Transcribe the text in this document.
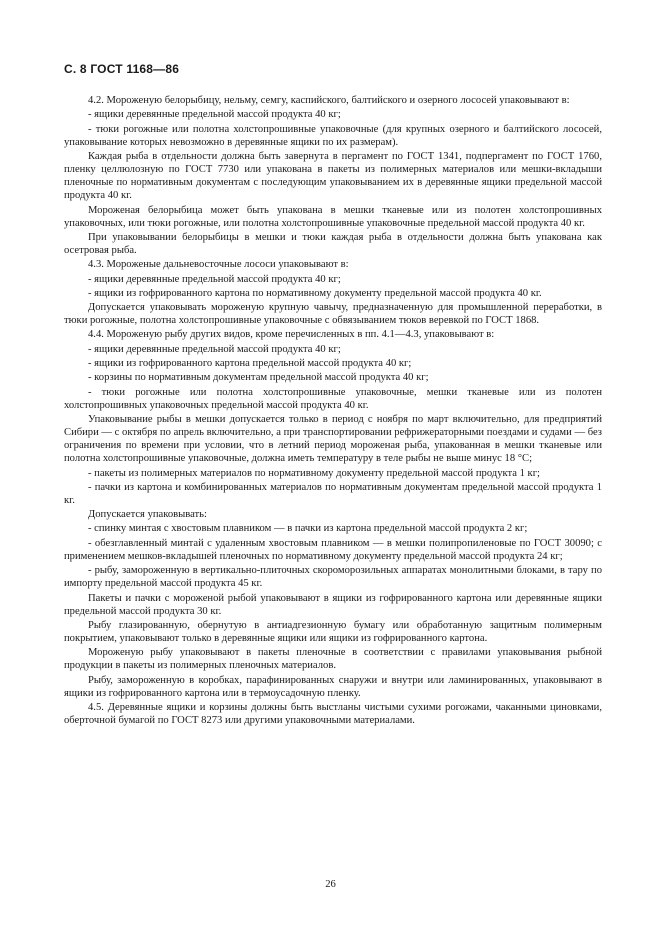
С. 8 ГОСТ 1168—86

4.2. Мороженую белорыбицу, нельму, семгу, каспийского, балтийского и озерного лососей упаковывают в:

- ящики деревянные предельной массой продукта 40 кг;

- тюки рогожные или полотна холстопрошивные упаковочные (для крупных озерного и балтийского лососей, упаковывание которых невозможно в деревянные ящики по их размерам).

Каждая рыба в отдельности должна быть завернута в пергамент по ГОСТ 1341, подпергамент по ГОСТ 1760, пленку целлюлозную по ГОСТ 7730 или упакована в пакеты из полимерных материалов или мешки-вкладыши пленочные по нормативным документам с последующим упаковыванием их в деревянные ящики предельной массой продукта 40 кг.

Мороженая белорыбица может быть упакована в мешки тканевые или из полотен холстопрошивных упаковочных, или тюки рогожные, или полотна холстопрошивные упаковочные предельной массой продукта 40 кг.

При упаковывании белорыбицы в мешки и тюки каждая рыба в отдельности должна быть упакована как осетровая рыба.

4.3. Мороженые дальневосточные лососи упаковывают в:

- ящики деревянные предельной массой продукта 40 кг;

- ящики из гофрированного картона по нормативному документу предельной массой продукта 40 кг.

Допускается упаковывать мороженую крупную чавычу, предназначенную для промышленной переработки, в тюки рогожные, полотна холстопрошивные упаковочные с обвязыванием тюков веревкой по ГОСТ 1868.

4.4. Мороженую рыбу других видов, кроме перечисленных в пп. 4.1—4.3, упаковывают в:

- ящики деревянные предельной массой продукта 40 кг;

- ящики из гофрированного картона предельной массой продукта 40 кг;

- корзины по нормативным документам предельной массой продукта 40 кг;

- тюки рогожные или полотна холстопрошивные упаковочные, мешки тканевые или из полотен холстопрошивных упаковочных предельной массой продукта 40 кг.

Упаковывание рыбы в мешки допускается только в период с ноября по март включительно, для предприятий Сибири — с октября по апрель включительно, а при транспортировании рефрижераторными поездами и судами — без ограничения по времени при условии, что в летний период мороженая рыба, упакованная в мешки тканевые или полотна холстопрошивные упаковочные, должна иметь температуру в теле рыбы не выше минус 18 °С;

- пакеты из полимерных материалов по нормативному документу предельной массой продукта 1 кг;

- пачки из картона и комбинированных материалов по нормативным документам предельной массой продукта 1 кг.

Допускается упаковывать:

- спинку минтая с хвостовым плавником — в пачки из картона предельной массой продукта 2 кг;

- обезглавленный минтай с удаленным хвостовым плавником — в мешки полипропиленовые по ГОСТ 30090; с применением мешков-вкладышей пленочных по нормативному документу предельной массой продукта 24 кг;

- рыбу, замороженную в вертикально-плиточных скороморозильных аппаратах монолитными блоками, в тару по импорту предельной массой продукта 45 кг.

Пакеты и пачки с мороженой рыбой упаковывают в ящики из гофрированного картона или деревянные ящики предельной массой продукта 30 кг.

Рыбу глазированную, обернутую в антиадгезионную бумагу или обработанную защитным полимерным покрытием, упаковывают только в деревянные ящики или ящики из гофрированного картона.

Мороженую рыбу упаковывают в пакеты пленочные в соответствии с правилами упаковывания рыбной продукции в пакеты из полимерных пленочных материалов.

Рыбу, замороженную в коробках, парафинированных снаружи и внутри или ламинированных, упаковывают в ящики из гофрированного картона или в термоусадочную пленку.

4.5. Деревянные ящики и корзины должны быть выстланы чистыми сухими рогожами, чаканными циновками, оберточной бумагой по ГОСТ 8273 или другими упаковочными материалами.

26
